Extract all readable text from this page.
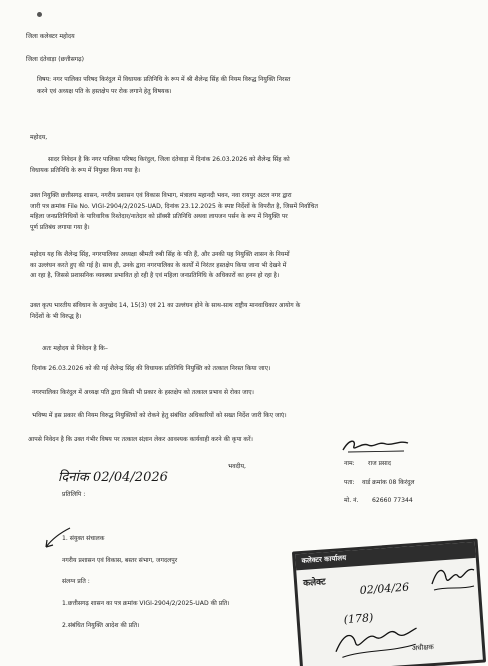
जिला कलेक्टर महोदय
जिला दंतेवाड़ा (छत्तीसगढ़)
विषय: नगर पालिका परिषद किरंदुल में विधायक प्रतिनिधि के रूप में श्री शैलेन्द्र सिंह की नियम विरुद्ध नियुक्ति निरस्त
करने एवं अध्यक्ष पति के हस्तक्षेप पर रोक लगाने हेतु विषयक।
महोदय,
सादर निवेदन है कि नगर पालिका परिषद किरंदुल, जिला दंतेवाड़ा में दिनांक 26.03.2026 को शैलेन्द्र सिंह को
विधायक प्रतिनिधि के रूप में नियुक्त किया गया है।
उक्त नियुक्ति छत्तीसगढ़ शासन, नगरीय प्रशासन एवं विकास विभाग, मंत्रालय महानदी भवन, नवा रायपुर अटल नगर द्वारा
जारी पत्र क्रमांक File No. VIGI-2904/2/2025-UAD, दिनांक 23.12.2025 के स्पष्ट निर्देशों के विपरीत है, जिसमें निर्वाचित
महिला जनप्रतिनिधियों के पारिवारिक रिश्तेदार/नातेदार को प्रॉक्सी प्रतिनिधि अथवा लायजन पर्सन के रूप में नियुक्ति पर
पूर्ण प्रतिबंध लगाया गया है।
महोदय यह कि शैलेन्द्र सिंह, नगरपालिका अध्यक्षा श्रीमती रुबी सिंह के पति हैं, और उनकी यह नियुक्ति शासन के नियमों
का उल्लंघन करते हुए की गई है। साथ ही, उनके द्वारा नगरपालिका के कार्यों में निरंतर हस्तक्षेप किया जाना भी देखने में
आ रहा है, जिससे प्रशासनिक व्यवस्था प्रभावित हो रही है एवं महिला जनप्रतिनिधि के अधिकारों का हनन हो रहा है।
उक्त कृत्य भारतीय संविधान के अनुच्छेद 14, 15(3) एवं 21 का उल्लंघन होने के साथ-साथ राष्ट्रीय मानवाधिकार आयोग के
निर्देशों के भी विरुद्ध है।
अतः महोदय से निवेदन है कि–
दिनांक 26.03.2026 को की गई शैलेन्द्र सिंह की विधायक प्रतिनिधि नियुक्ति को तत्काल निरस्त किया जाए।
नगरपालिका किरंदुल में अध्यक्ष पति द्वारा किसी भी प्रकार के हस्तक्षेप को तत्काल प्रभाव से रोका जाए।
भविष्य में इस प्रकार की नियम विरुद्ध नियुक्तियों को रोकने हेतु संबंधित अधिकारियों को सख्त निर्देश जारी किए जाएं।
आपसे निवेदन है कि उक्त गंभीर विषय पर तत्काल संज्ञान लेकर आवश्यक कार्यवाही करने की कृपा करें।
नाम: राज प्रसाद
दिनांक 02/04/2026
भवदीय,
पता: वार्ड क्रमांक 08 किरंदुल
प्रतिलिपि :
मो. नं. 62660 77344
1. संयुक्त संचालक
नगरीय प्रशासन एवं विकास, बस्तर संभाग, जगदलपुर
संलग्न प्रति :
1.छत्तीसगढ़ शासन का पत्र क्रमांक VIGI-2904/2/2025-UAD की प्रति।
2.संबंधित नियुक्ति आदेश की प्रति।
कलेक्टर कार्यालय
कलेक्ट	02/04/26
(178)
अधीक्षक
